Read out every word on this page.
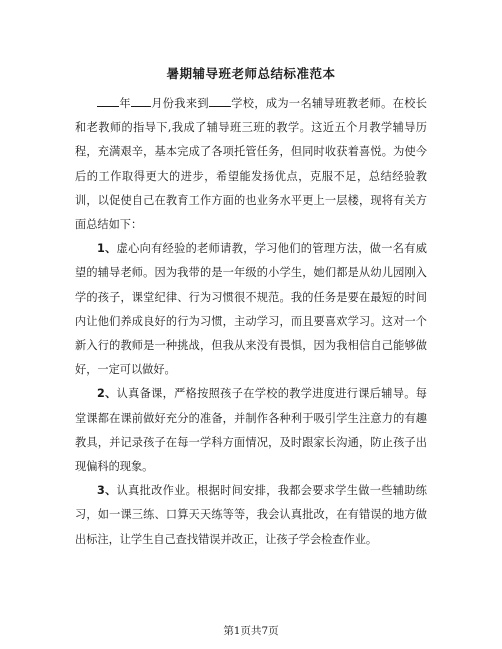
暑期辅导班老师总结标准范本

年 月份我来到 学校，成为一名辅导班教老师。在校长和老教师的指导下,我成了辅导班三班的教学。这近五个月教学辅导历程，充满艰辛，基本完成了各项托管任务，但同时收获着喜悦。为使今后的工作取得更大的进步，希望能发扬优点，克服不足，总结经验教训，以促使自己在教育工作方面的也业务水平更上一层楼，现将有关方面总结如下：

1、虚心向有经验的老师请教，学习他们的管理方法，做一名有威望的辅导老师。因为我带的是一年级的小学生，她们都是从幼儿园刚入学的孩子，课堂纪律、行为习惯很不规范。我的任务是要在最短的时间内让他们养成良好的行为习惯，主动学习，而且要喜欢学习。这对一个新入行的教师是一种挑战，但我从来没有畏惧，因为我相信自己能够做好，一定可以做好。

2、认真备课，严格按照孩子在学校的教学进度进行课后辅导。每堂课都在课前做好充分的准备，并制作各种利于吸引学生注意力的有趣教具，并记录孩子在每一学科方面情况，及时跟家长沟通，防止孩子出现偏科的现象。

3、认真批改作业。根据时间安排，我都会要求学生做一些辅助练习，如一课三练、口算天天练等等，我会认真批改，在有错误的地方做出标注，让学生自己查找错误并改正，让孩子学会检查作业。

第1页共7页
